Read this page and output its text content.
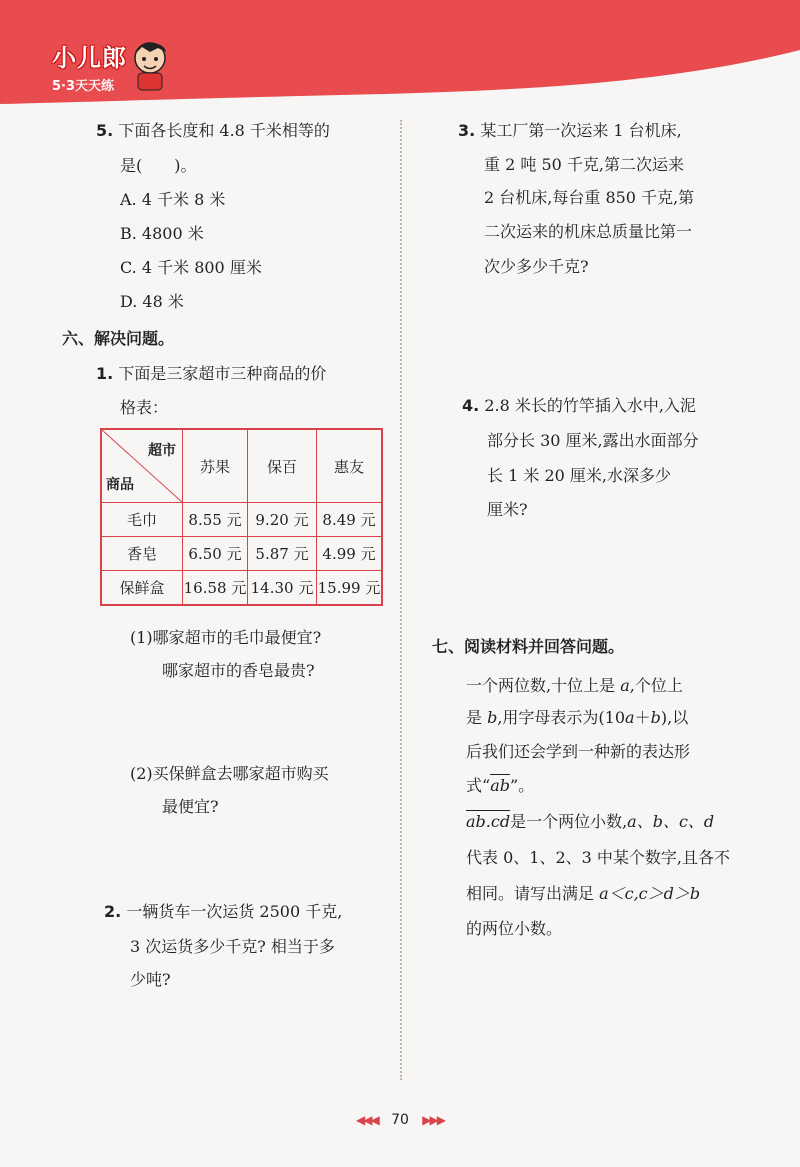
小儿郎
5·3天天练
5. 下面各长度和 4.8 千米相等的
是(　　)。
A. 4 千米 8 米
B. 4800 米
C. 4 千米 800 厘米
D. 48 米
六、解决问题。
1. 下面是三家超市三种商品的价
格表：
超市
商品	苏果	保百	惠友
毛巾	8.55 元	9.20 元	8.49 元
香皂	6.50 元	5.87 元	4.99 元
保鲜盒	16.58 元	14.30 元	15.99 元
(1)哪家超市的毛巾最便宜?
哪家超市的香皂最贵?
(2)买保鲜盒去哪家超市购买
最便宜?
2. 一辆货车一次运货 2500 千克,
3 次运货多少千克? 相当于多
少吨?
3. 某工厂第一次运来 1 台机床,
重 2 吨 50 千克,第二次运来
2 台机床,每台重 850 千克,第
二次运来的机床总质量比第一
次少多少千克?
4. 2.8 米长的竹竿插入水中,入泥
部分长 30 厘米,露出水面部分
长 1 米 20 厘米,水深多少
厘米?
七、阅读材料并回答问题。
一个两位数,十位上是 a,个位上
是 b,用字母表示为(10a＋b),以
后我们还会学到一种新的表达形
式“ab”。
ab.cd是一个两位小数,a、b、c、d
代表 0、1、2、3 中某个数字,且各不
相同。请写出满足 a＜c,c＞d＞b
的两位小数。
◀◀◀ 70 ▶▶▶
